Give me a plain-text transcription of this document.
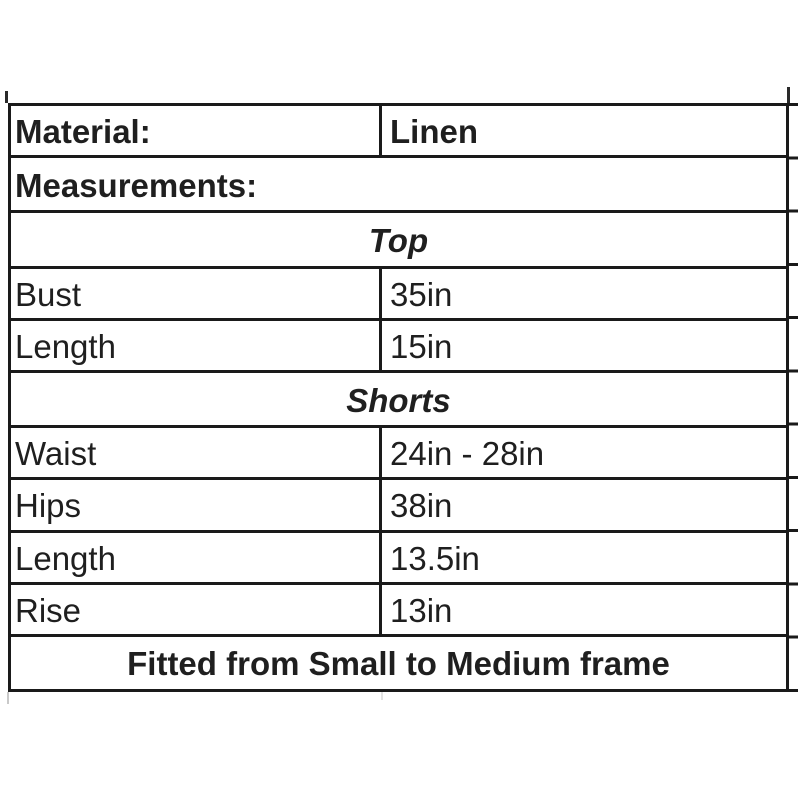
Material:	Linen
Measurements:
Top
Bust	35in
Length	15in
Shorts
Waist	24in - 28in
Hips	38in
Length	13.5in
Rise	13in
Fitted from Small to Medium frame
